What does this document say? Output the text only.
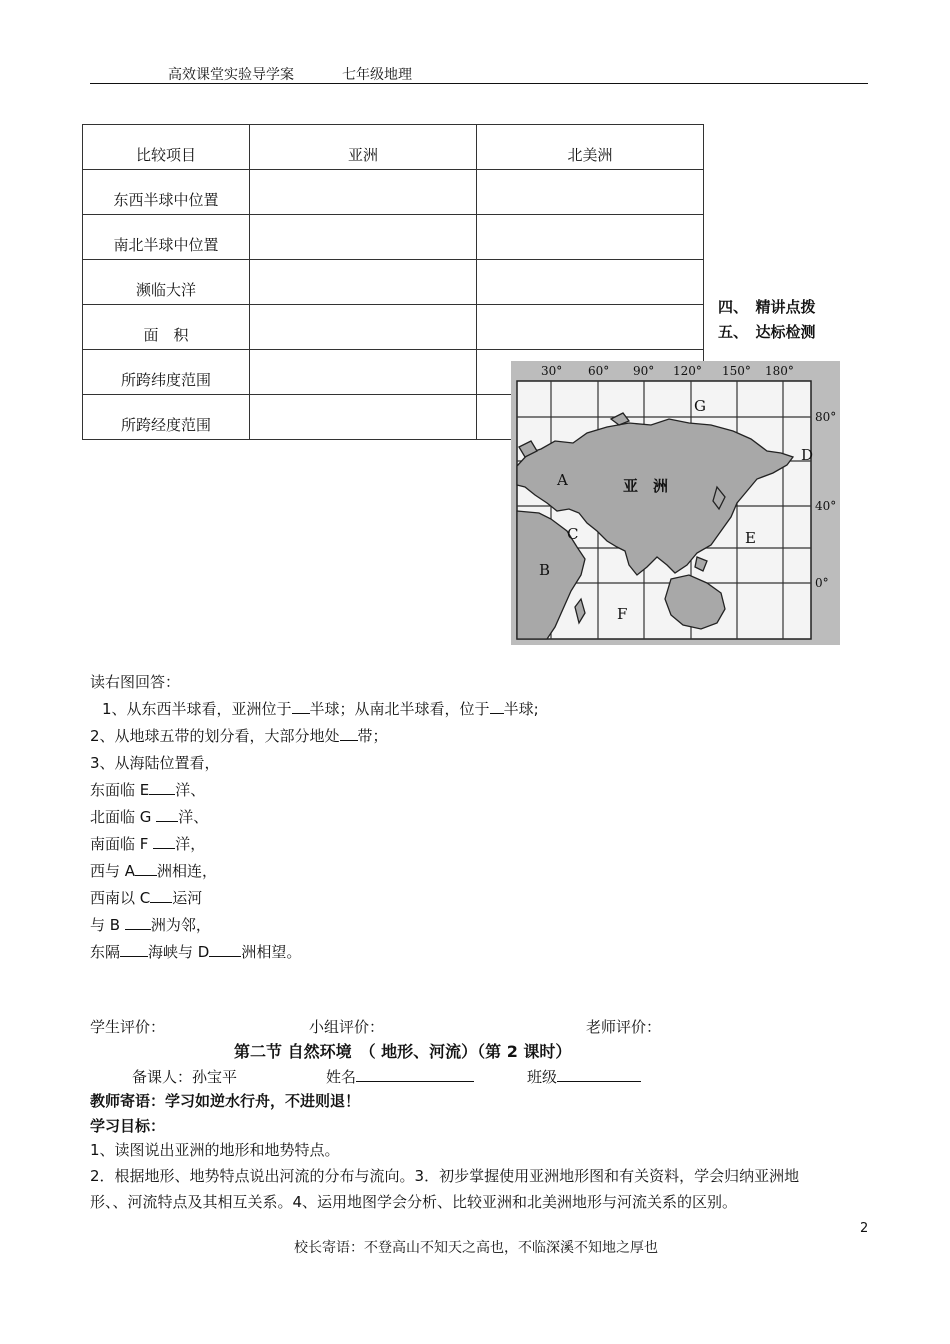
高效课堂实验导学案	七年级地理
比较项目	亚洲	北美洲
东西半球中位置		
南北半球中位置		
濒临大洋		
面　积		
所跨纬度范围		
所跨经度范围		
四、　精讲点拨
五、　达标检测
30° 60° 90° 120° 150° 180°
80°
40°
0°
亚　洲
A
B
C
D
E
F
G
读右图回答：
1、从东西半球看，亚洲位于 半球；从南北半球看，位于 半球;
2、从地球五带的划分看，大部分地处 带；
3、从海陆位置看，
东面临 E 洋、
北面临 G 洋、
南面临 F 洋，
西与 A 洲相连，
西南以 C 运河
与 B 洲为邻，
东隔 海峡与 D 洲相望。
学生评价：	小组评价：	老师评价：
第二节 自然环境　（ 地形、河流）（第 2 课时）
备课人：孙宝平	姓名	班级
教师寄语：学习如逆水行舟，不进则退！
学习目标：
1、读图说出亚洲的地形和地势特点。
2．根据地形、地势特点说出河流的分布与流向。3．初步掌握使用亚洲地形图和有关资料，学会归纳亚洲地
形、、河流特点及其相互关系。4、运用地图学会分析、比较亚洲和北美洲地形与河流关系的区别。
2
校长寄语：不登高山不知天之高也，不临深溪不知地之厚也
